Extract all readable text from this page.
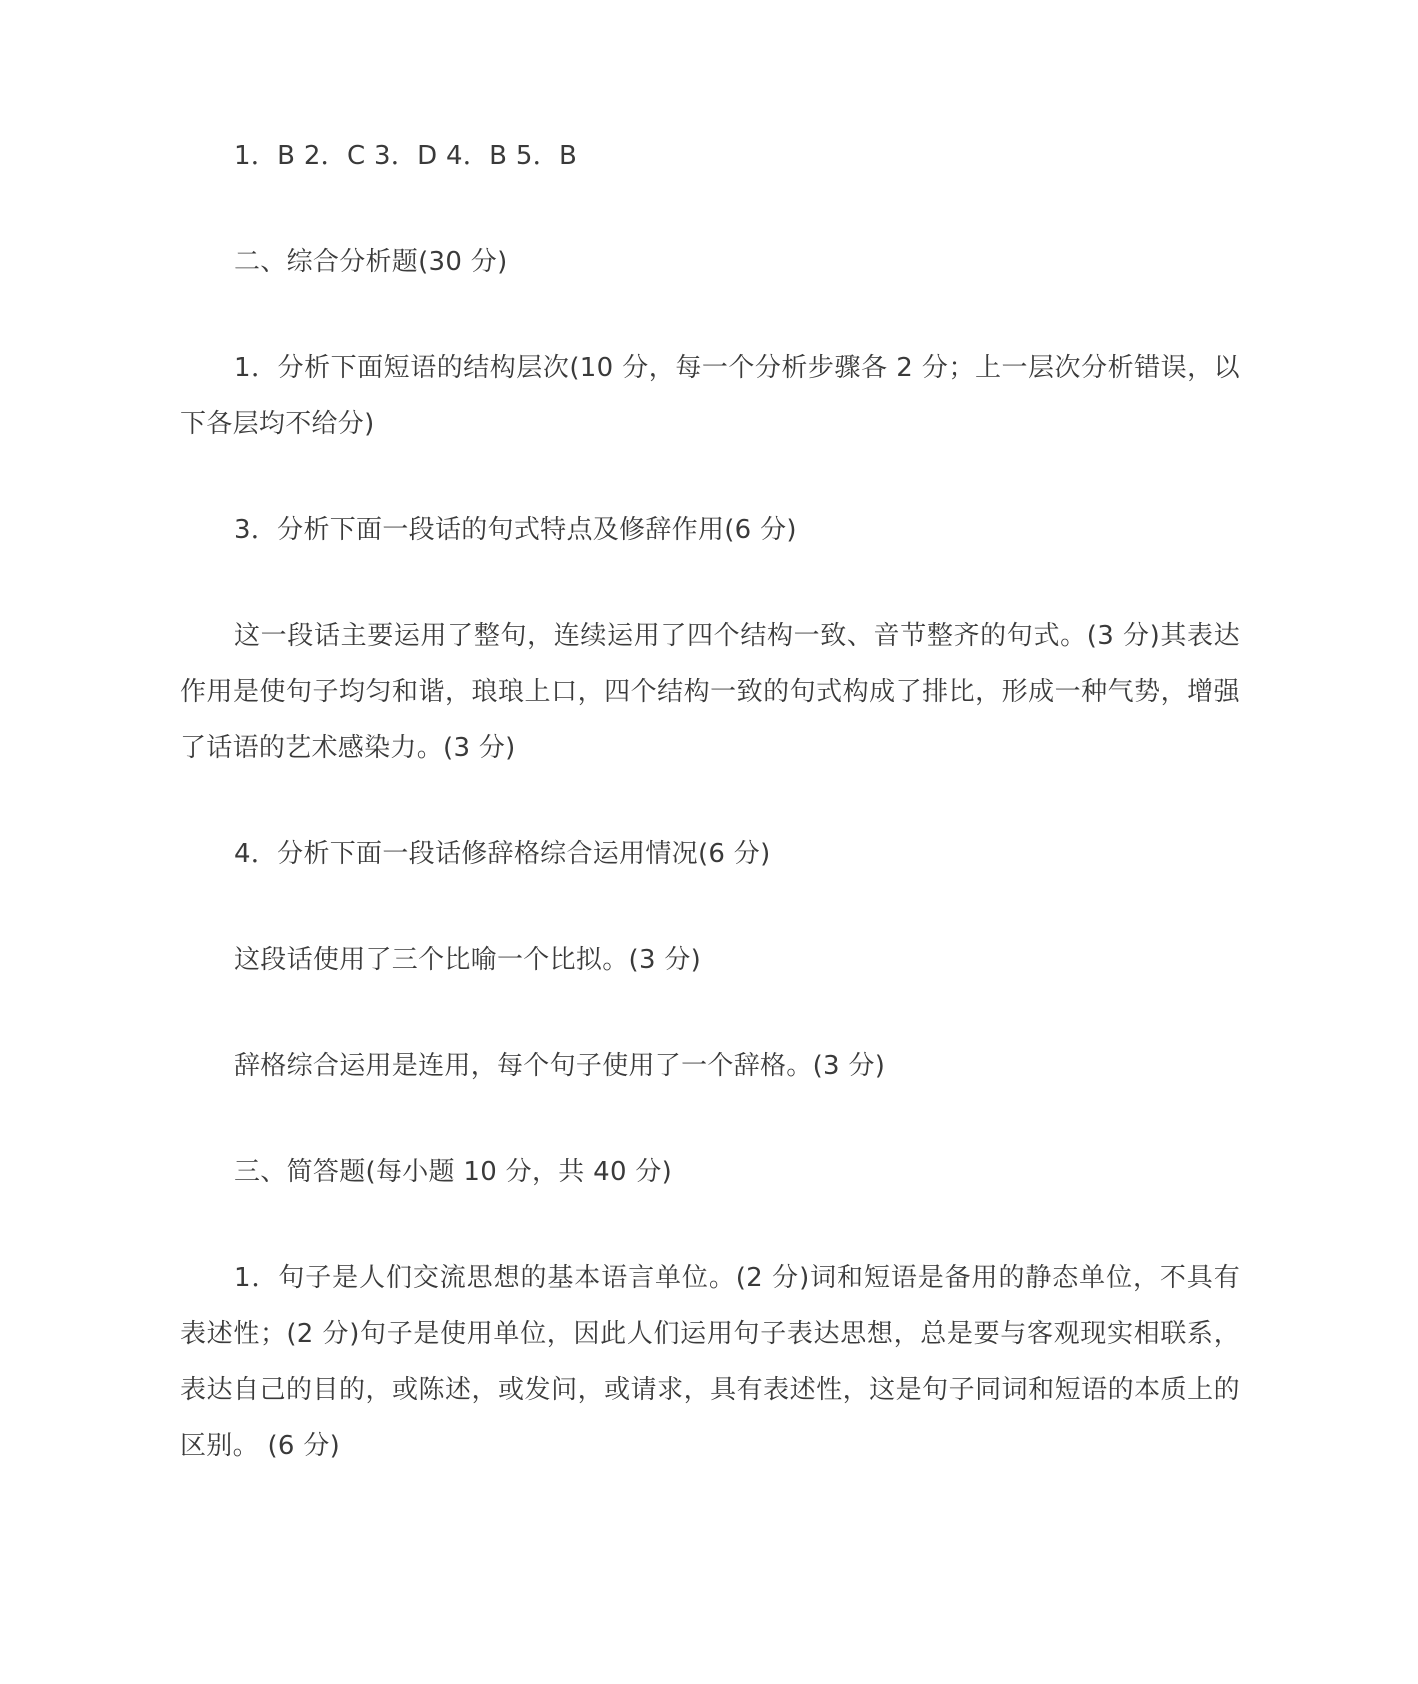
1．B 2．C 3．D 4．B 5．B

二、综合分析题(30 分)

1．分析下面短语的结构层次(10 分，每一个分析步骤各 2 分；上一层次分析错误，以下各层均不给分)

3．分析下面一段话的句式特点及修辞作用(6 分)

这一段话主要运用了整句，连续运用了四个结构一致、音节整齐的句式。(3 分)其表达作用是使句子均匀和谐，琅琅上口，四个结构一致的句式构成了排比，形成一种气势，增强了话语的艺术感染力。(3 分)

4．分析下面一段话修辞格综合运用情况(6 分)

这段话使用了三个比喻一个比拟。(3 分)

辞格综合运用是连用，每个句子使用了一个辞格。(3 分)

三、简答题(每小题 10 分，共 40 分)

1．句子是人们交流思想的基本语言单位。(2 分)词和短语是备用的静态单位，不具有表述性；(2 分)句子是使用单位，因此人们运用句子表达思想，总是要与客观现实相联系，表达自己的目的，或陈述，或发问，或请求，具有表述性，这是句子同词和短语的本质上的区别。 (6 分)
